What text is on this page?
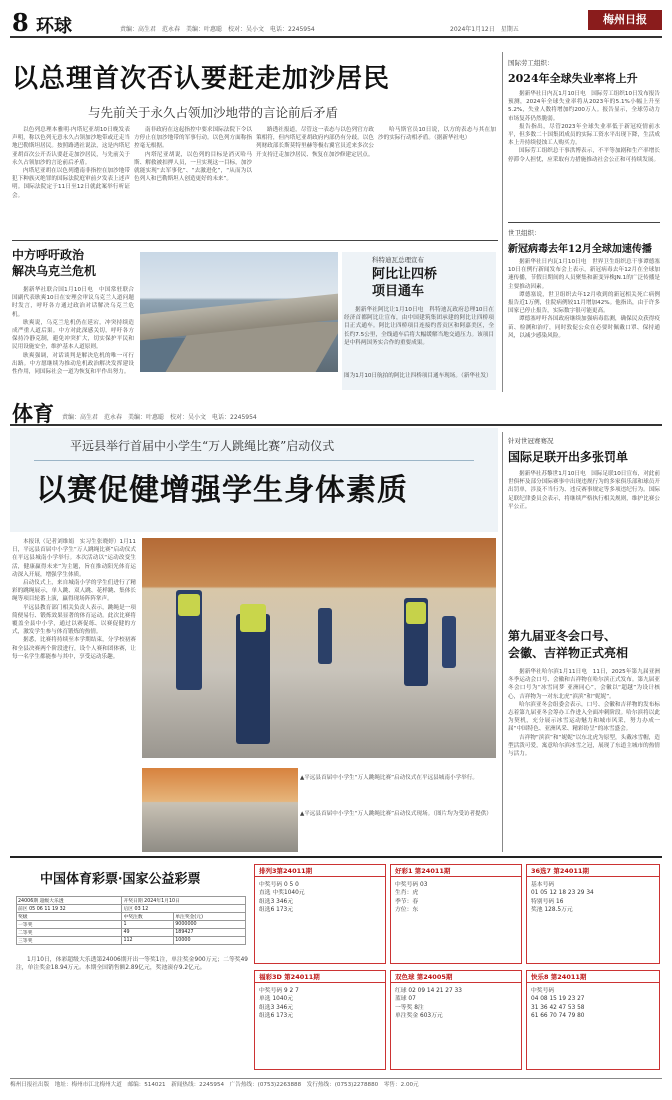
8 环球	责编：高生君　范永春　美编：叶惠聪　校对：吴小文　电话：2245954	2024年1月12日　星期五
梅州日报
以总理首次否认要赶走加沙居民
与先前关于永久占领加沙地带的言论前后矛盾

以色列总理本雅明·内塔尼亚胡10日晚发表声明，称以色列无意永久占领加沙地带或迁走当地巴勒斯坦居民。按照路透社说法，这是内塔尼亚胡首次公开否认要赶走加沙居民，与先前关于永久占领加沙的言论前后矛盾。

内塔尼亚胡在以色列遭南非指控在加沙地带犯下种族灭绝罪的国际法院庭审前夕发表上述声明。国际法院定于11日至12日就此案举行听证会。

南非政府在这起指控中要求国际法院下令以方停止在加沙地带的军事行动。以色列方面称指控毫无根据。

内塔尼亚胡说，以色列的目标是消灭哈马斯、解救被扣押人员，一旦实现这一目标，加沙就能实现“去军事化”、“去激进化”，“从而为以色列人和巴勒斯坦人创造更好的未来”。

路透社报道，尽管这一表态与以色列官方政策相符，但内塔尼亚胡政府内部仍有分歧。以色列财政部长斯莫特里赫等极右翼官员近来多次公开支持迁走加沙居民、恢复在加沙修建定居点。

哈马斯官员10日说，以方的表态与其在加沙的实际行动相矛盾。（据新华社电）

中方呼吁政治
解决乌克兰危机

据新华社联合国1月10日电　中国常驻联合国副代表耿爽10日在安理会审议乌克兰人道问题时发言，呼吁各方通过政治对话解决乌克兰危机。

耿爽说，乌克兰危机仍在延宕，冲突持续造成严重人道后果。中方对此深感关切，呼吁各方保持冷静克制，避免冲突扩大，切实保护平民和民用设施安全，维护基本人道原则。

耿爽强调，对话谈判是解决危机的唯一可行出路。中方愿继续为推动危机政治解决发挥建设性作用，同国际社会一道为恢复和平作出努力。

科特迪瓦总理宣布
阿比让四桥
项目通车

据新华社阿比让1月10日电　科特迪瓦政府总理10日在经济首都阿比让宣布，由中国建筑集团承建的阿比让四桥项目正式通车。阿比让四桥项目连接约普贡区和阿嘉美区，全长约7.5公里，全线通车后将大幅缓解当地交通压力。该项目是中科两国务实合作的重要成果。

图为1月10日航拍的阿比让四桥项目通车现场。（新华社发）
国际劳工组织：
2024年全球失业率将上升

据新华社日内瓦1月10日电　国际劳工组织10日发布报告预测，2024年全球失业率将从2023年的5.1%小幅上升至5.2%，失业人数将增加约200万人。报告显示，全球劳动力市场复苏仍然脆弱。

报告指出，尽管2023年全球失业率低于新冠疫情前水平，但多数二十国集团成员的实际工资水平出现下降，生活成本上升持续侵蚀工人购买力。

国际劳工组织总干事洪博表示，不平等加剧和生产率增长停滞令人担忧，应采取有力措施推动社会公正和可持续发展。

世卫组织：
新冠病毒去年12月全球加速传播

据新华社日内瓦1月10日电　世界卫生组织总干事谭德塞10日在例行新闻发布会上表示，新冠病毒去年12月在全球加速传播，节假日期间的人员聚集和新变异株JN.1的广泛传播是主要推动因素。

谭德塞说，世卫组织去年12月收到的新冠相关死亡病例报告近1万例，住院病例较11月增加42%。他指出，由于许多国家已停止报告，实际数字很可能更高。

谭德塞呼吁各国政府继续加强病毒监测，确保民众获得疫苗、检测和治疗，同时敦促公众在必要时佩戴口罩、保持通风，以减少感染风险。

体育 责编：高生君　范永春　美编：叶惠聪　校对：吴小文　电话：2245954
平远县举行首届中小学生“万人跳绳比赛”启动仪式
以赛促健增强学生身体素质

本报讯（记者刘维娟　实习生张晓婷）1月11日，平远县首届中小学生“万人跳绳比赛”启动仪式在平远县城南小学举行。本次活动以“运动改变生活，健康赢得未来”为主题，旨在推动阳光体育运动深入开展，增强学生体质。

启动仪式上，来自城南小学的学生们进行了精彩的跳绳展示，单人跳、双人跳、花样跳、集体长绳等项目轮番上演，赢得现场阵阵掌声。

平远县教育部门相关负责人表示，跳绳是一项简便易行、锻炼效果显著的体育运动。此次比赛将覆盖全县中小学，通过以赛促练、以赛促健的方式，激发学生参与体育锻炼的热情。

据悉，比赛将持续至本学期结束，分学校初赛和全县决赛两个阶段进行，设个人赛和团体赛，让每一名学生都能参与其中，享受运动乐趣。

▲平远县首届中小学生“万人跳绳比赛”启动仪式在平远县城南小学举行。
▲平远县首届中小学生“万人跳绳比赛”启动仪式现场。（图片均为受访者提供）
针对世冠赛赛况
国际足联开出多张罚单

据新华社苏黎世1月10日电　国际足联10日宣布，对此前世俱杯及部分国际赛事中出现违规行为的多家俱乐部和球员开出罚单，涉及不当行为、违反赛事规定等多项违纪行为。国际足联纪律委员会表示，将继续严格执行相关规则，维护比赛公平公正。

第九届亚冬会口号、
会徽、吉祥物正式亮相

据新华社哈尔滨1月11日电　11日，2025年第九届亚洲冬季运动会口号、会徽和吉祥物在哈尔滨正式发布。第九届亚冬会口号为“冰雪同梦 亚洲同心”，会徽以“超越”为设计核心，吉祥物为一对东北虎“滨滨”和“妮妮”。

哈尔滨亚冬会组委会表示，口号、会徽和吉祥物的发布标志着第九届亚冬会筹办工作进入全面冲刺阶段。哈尔滨将以此为契机，充分展示冰雪运动魅力和城市风采，努力办成一届“中国特色、亚洲风采、精彩纷呈”的冰雪盛会。

吉祥物“滨滨”和“妮妮”以东北虎为原型，头戴冰雪帽，造型活泼可爱，寓意哈尔滨冰雪之冠，展现了东道主城市的热情与活力。

中国体育彩票·国家公益彩票
24006期 超级大乐透	开奖日期 2024年1月10日	
前区 05 06 11 19 32	后区 03 12	
奖级	中奖注数	单注奖金(元)
一等奖	1	9000000
二等奖	49	189427
三等奖	112	10000

1月10日，体彩超级大乐透第24006期开出一等奖1注，单注奖金900万元；二等奖49注，单注奖金18.94万元。本期全国销售额2.89亿元，奖池滚存9.2亿元。

排列3第24011期
中奖号码 0 5 0
直选 中奖1040元
组选3 346元
组选6 173元
好彩1 第24011期
中奖号码 03
生肖：虎
季节：春
方位：东
36选7 第24011期
基本号码
01 05 12 18 23 29 34
特别号码 16
奖池 128.5万元
福彩3D 第24011期
中奖号码 9 2 7
单选 1040元
组选3 346元
组选6 173元
双色球 第24005期
红球 02 09 14 21 27 33
蓝球 07
一等奖 8注
单注奖金 603万元
快乐8 第24011期
中奖号码
04 08 15 19 23 27
31 36 42 47 53 58
61 66 70 74 79 80
梅州日报社出版　地址：梅州市江北梅州大道　邮编：514021　新闻热线：2245954　广告热线：(0753)2263888　发行热线：(0753)2278880　零售：2.00元
